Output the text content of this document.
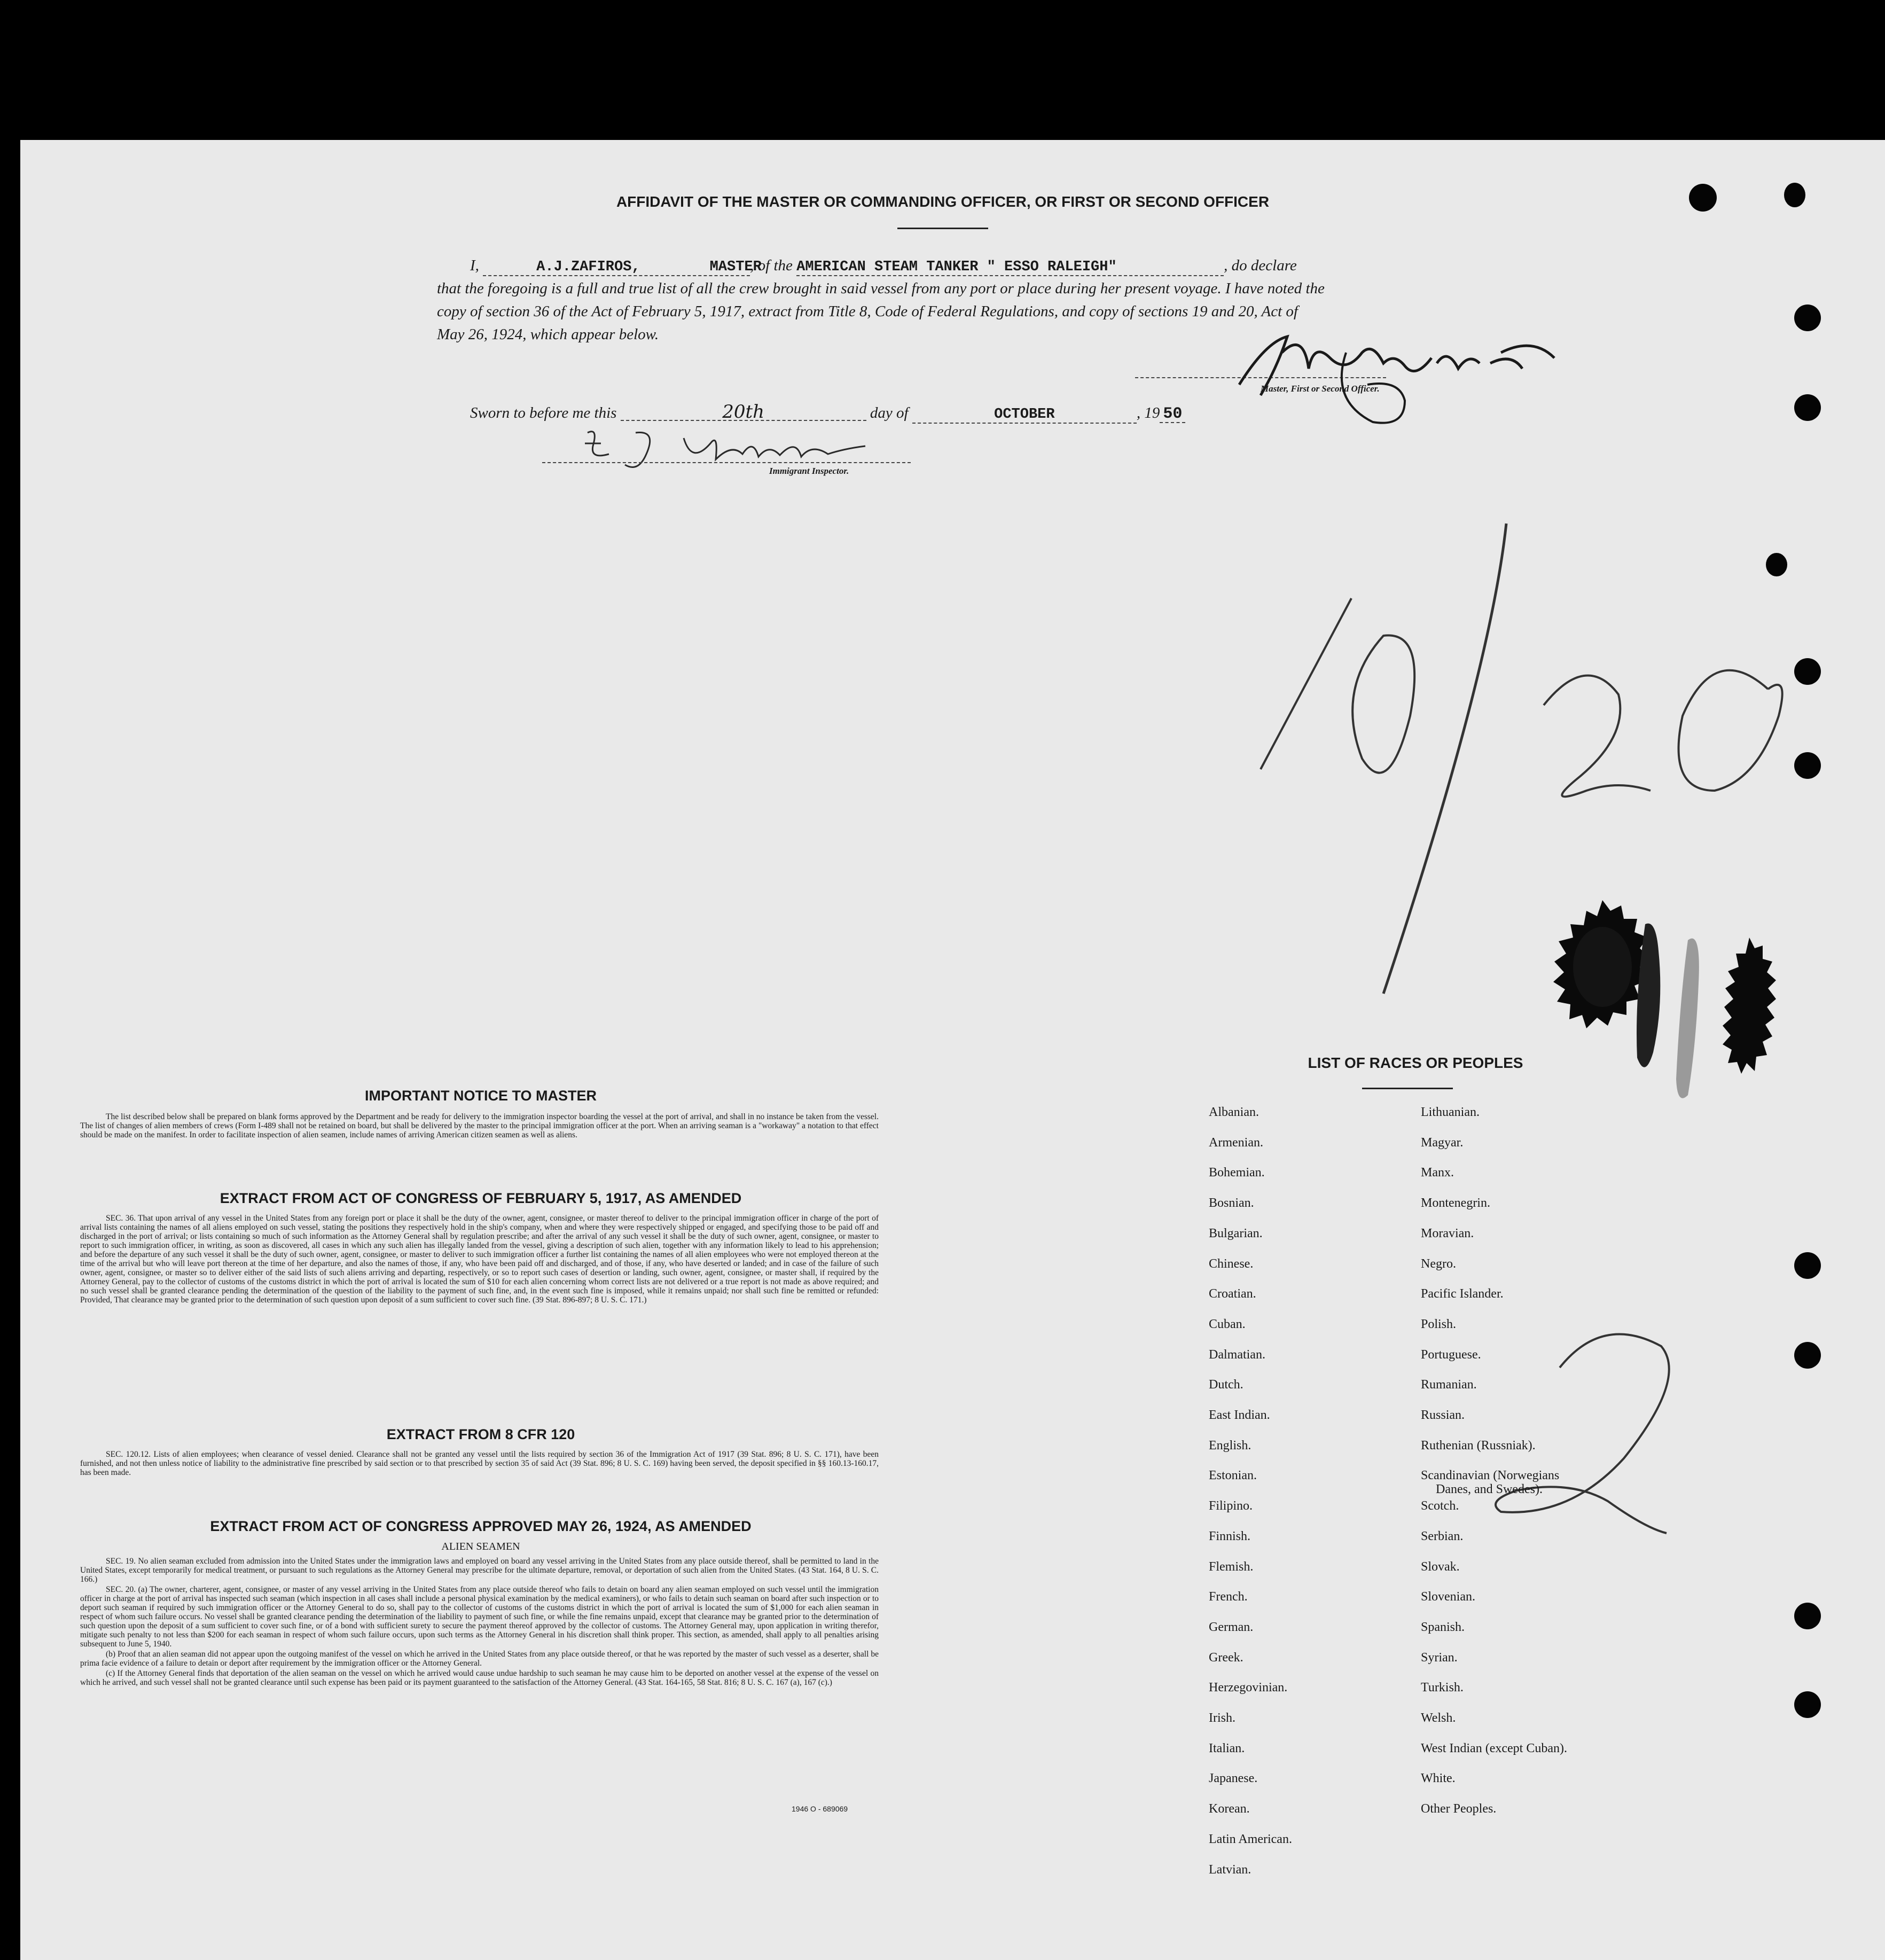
AFFIDAVIT OF THE MASTER OR COMMANDING OFFICER, OR FIRST OR SECOND OFFICER
I,	A.J.ZAFIROS,	MASTER, of the AMERICAN STEAM TANKER " ESSO RALEIGH"	, do declare
that the foregoing is a full and true list of all the crew brought in said vessel from any port or place during her present voyage. I have noted the
copy of section 36 of the Act of February 5, 1917, extract from Title 8, Code of Federal Regulations, and copy of sections 19 and 20, Act of
May 26, 1924, which appear below.
Master, First or Second Officer.
Sworn to before me this	20th	day of	OCTOBER	, 19 50
Immigrant Inspector.
IMPORTANT NOTICE TO MASTER

The list described below shall be prepared on blank forms approved by the Department and be ready for delivery to the immigration inspector boarding the vessel at the port of arrival, and shall in no instance be taken from the vessel. The list of changes of alien members of crews (Form I-489 shall not be retained on board, but shall be delivered by the master to the principal immigration officer at the port. When an arriving seaman is a "workaway" a notation to that effect should be made on the manifest. In order to facilitate inspection of alien seamen, include names of arriving American citizen seamen as well as aliens.

EXTRACT FROM ACT OF CONGRESS OF FEBRUARY 5, 1917, AS AMENDED

SEC. 36. That upon arrival of any vessel in the United States from any foreign port or place it shall be the duty of the owner, agent, consignee, or master thereof to deliver to the principal immigration officer in charge of the port of arrival lists containing the names of all aliens employed on such vessel, stating the positions they respectively hold in the ship's company, when and where they were respectively shipped or engaged, and specifying those to be paid off and discharged in the port of arrival; or lists containing so much of such information as the Attorney General shall by regulation prescribe; and after the arrival of any such vessel it shall be the duty of such owner, agent, consignee, or master to report to such immigration officer, in writing, as soon as discovered, all cases in which any such alien has illegally landed from the vessel, giving a description of such alien, together with any information likely to lead to his apprehension; and before the departure of any such vessel it shall be the duty of such owner, agent, consignee, or master to deliver to such immigration officer a further list containing the names of all alien employees who were not employed thereon at the time of the arrival but who will leave port thereon at the time of her departure, and also the names of those, if any, who have been paid off and discharged, and of those, if any, who have deserted or landed; and in case of the failure of such owner, agent, consignee, or master so to deliver either of the said lists of such aliens arriving and departing, respectively, or so to report such cases of desertion or landing, such owner, agent, consignee, or master shall, if required by the Attorney General, pay to the collector of customs of the customs district in which the port of arrival is located the sum of $10 for each alien concerning whom correct lists are not delivered or a true report is not made as above required; and no such vessel shall be granted clearance pending the determination of the question of the liability to the payment of such fine, and, in the event such fine is imposed, while it remains unpaid; nor shall such fine be remitted or refunded: Provided, That clearance may be granted prior to the determination of such question upon deposit of a sum sufficient to cover such fine. (39 Stat. 896-897; 8 U. S. C. 171.)

EXTRACT FROM 8 CFR 120

SEC. 120.12. Lists of alien employees; when clearance of vessel denied. Clearance shall not be granted any vessel until the lists required by section 36 of the Immigration Act of 1917 (39 Stat. 896; 8 U. S. C. 171), have been furnished, and not then unless notice of liability to the administrative fine prescribed by said section or to that prescribed by section 35 of said Act (39 Stat. 896; 8 U. S. C. 169) having been served, the deposit specified in §§ 160.13-160.17, has been made.

EXTRACT FROM ACT OF CONGRESS APPROVED MAY 26, 1924, AS AMENDED
ALIEN SEAMEN

SEC. 19. No alien seaman excluded from admission into the United States under the immigration laws and employed on board any vessel arriving in the United States from any place outside thereof, shall be permitted to land in the United States, except temporarily for medical treatment, or pursuant to such regulations as the Attorney General may prescribe for the ultimate departure, removal, or deportation of such alien from the United States. (43 Stat. 164, 8 U. S. C. 166.)

SEC. 20. (a) The owner, charterer, agent, consignee, or master of any vessel arriving in the United States from any place outside thereof who fails to detain on board any alien seaman employed on such vessel until the immigration officer in charge at the port of arrival has inspected such seaman (which inspection in all cases shall include a personal physical examination by the medical examiners), or who fails to detain such seaman on board after such inspection or to deport such seaman if required by such immigration officer or the Attorney General to do so, shall pay to the collector of customs of the customs district in which the port of arrival is located the sum of $1,000 for each alien seaman in respect of whom such failure occurs. No vessel shall be granted clearance pending the determination of the liability to payment of such fine, or while the fine remains unpaid, except that clearance may be granted prior to the determination of such question upon the deposit of a sum sufficient to cover such fine, or of a bond with sufficient surety to secure the payment thereof approved by the collector of customs. The Attorney General may, upon application in writing therefor, mitigate such penalty to not less than $200 for each seaman in respect of whom such failure occurs, upon such terms as the Attorney General in his discretion shall think proper. This section, as amended, shall apply to all penalties arising subsequent to June 5, 1940.

(b) Proof that an alien seaman did not appear upon the outgoing manifest of the vessel on which he arrived in the United States from any place outside thereof, or that he was reported by the master of such vessel as a deserter, shall be prima facie evidence of a failure to detain or deport after requirement by the immigration officer or the Attorney General.

(c) If the Attorney General finds that deportation of the alien seaman on the vessel on which he arrived would cause undue hardship to such seaman he may cause him to be deported on another vessel at the expense of the vessel on which he arrived, and such vessel shall not be granted clearance until such expense has been paid or its payment guaranteed to the satisfaction of the Attorney General. (43 Stat. 164-165, 58 Stat. 816; 8 U. S. C. 167 (a), 167 (c).)

1946 O - 689069
LIST OF RACES OR PEOPLES
Albanian.
Armenian.
Bohemian.
Bosnian.
Bulgarian.
Chinese.
Croatian.
Cuban.
Dalmatian.
Dutch.
East Indian.
English.
Estonian.
Filipino.
Finnish.
Flemish.
French.
German.
Greek.
Herzegovinian.
Irish.
Italian.
Japanese.
Korean.
Latin American.
Latvian.
Lithuanian.
Magyar.
Manx.
Montenegrin.
Moravian.
Negro.
Pacific Islander.
Polish.
Portuguese.
Rumanian.
Russian.
Ruthenian (Russniak).
Scandinavian (Norwegians
Danes, and Swedes).
Scotch.
Serbian.
Slovak.
Slovenian.
Spanish.
Syrian.
Turkish.
Welsh.
West Indian (except Cuban).
White.
Other Peoples.
